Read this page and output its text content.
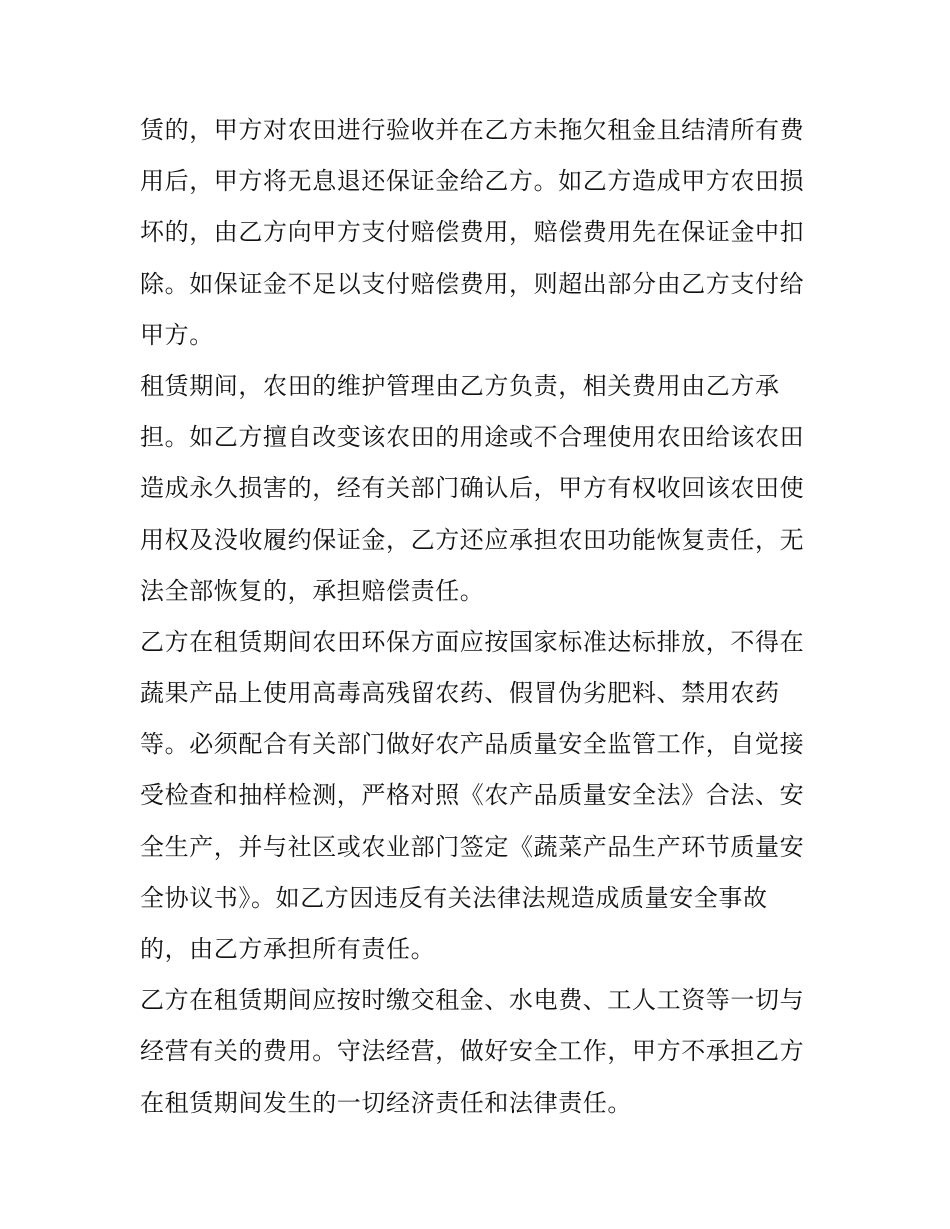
赁的，甲方对农田进行验收并在乙方未拖欠租金且结清所有费
用后，甲方将无息退还保证金给乙方。如乙方造成甲方农田损
坏的，由乙方向甲方支付赔偿费用，赔偿费用先在保证金中扣
除。如保证金不足以支付赔偿费用，则超出部分由乙方支付给
甲方。
租赁期间，农田的维护管理由乙方负责，相关费用由乙方承
担。如乙方擅自改变该农田的用途或不合理使用农田给该农田
造成永久损害的，经有关部门确认后，甲方有权收回该农田使
用权及没收履约保证金，乙方还应承担农田功能恢复责任，无
法全部恢复的，承担赔偿责任。
乙方在租赁期间农田环保方面应按国家标准达标排放，不得在
蔬果产品上使用高毒高残留农药、假冒伪劣肥料、禁用农药
等。必须配合有关部门做好农产品质量安全监管工作，自觉接
受检查和抽样检测，严格对照《农产品质量安全法》合法、安
全生产，并与社区或农业部门签定《蔬菜产品生产环节质量安
全协议书》。如乙方因违反有关法律法规造成质量安全事故
的，由乙方承担所有责任。
乙方在租赁期间应按时缴交租金、水电费、工人工资等一切与
经营有关的费用。守法经营，做好安全工作，甲方不承担乙方
在租赁期间发生的一切经济责任和法律责任。
